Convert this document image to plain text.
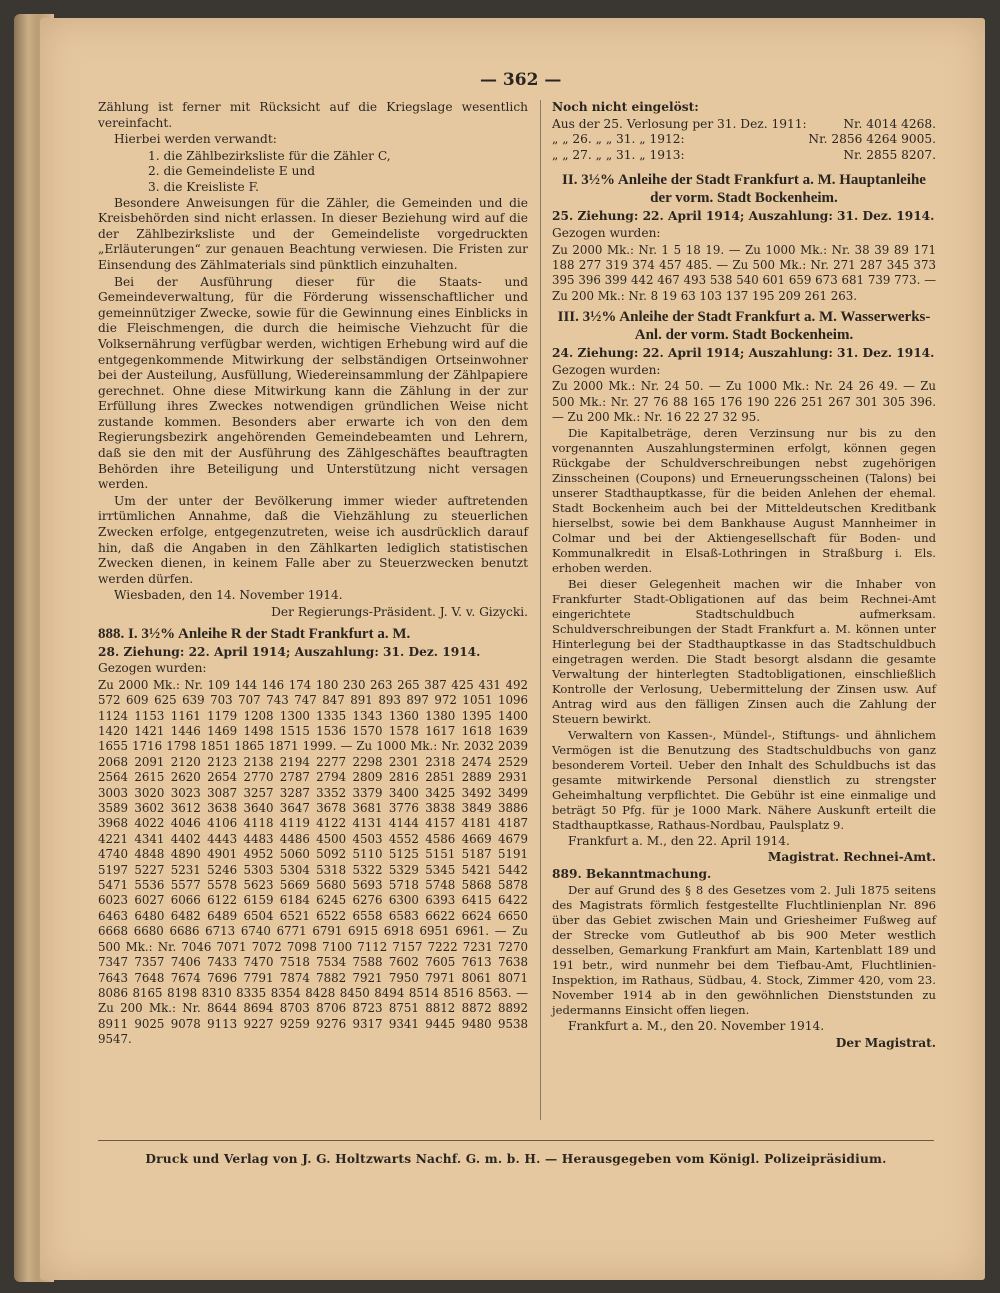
— 362 —

Zählung ist ferner mit Rücksicht auf die Kriegslage wesentlich vereinfacht.

Hierbei werden verwandt:

1. die Zählbezirksliste für die Zähler C,

2. die Gemeindeliste E und

3. die Kreisliste F.

Besondere Anweisungen für die Zähler, die Gemeinden und die Kreisbehörden sind nicht erlassen. In dieser Beziehung wird auf die der Zählbezirksliste und der Gemeindeliste vorgedruckten „Erläuterungen“ zur genauen Beachtung verwiesen. Die Fristen zur Einsendung des Zählmaterials sind pünktlich einzuhalten.

Bei der Ausführung dieser für die Staats- und Gemeindeverwaltung, für die Förderung wissenschaftlicher und gemeinnütziger Zwecke, sowie für die Gewinnung eines Einblicks in die Fleischmengen, die durch die heimische Viehzucht für die Volksernährung verfügbar werden, wichtigen Erhebung wird auf die entgegenkommende Mitwirkung der selbständigen Ortseinwohner bei der Austeilung, Ausfüllung, Wiedereinsammlung der Zählpapiere gerechnet. Ohne diese Mitwirkung kann die Zählung in der zur Erfüllung ihres Zweckes notwendigen gründlichen Weise nicht zustande kommen. Besonders aber erwarte ich von den dem Regierungsbezirk angehörenden Gemeindebeamten und Lehrern, daß sie den mit der Ausführung des Zählgeschäftes beauftragten Behörden ihre Beteiligung und Unterstützung nicht versagen werden.

Um der unter der Bevölkerung immer wieder auftretenden irrtümlichen Annahme, daß die Viehzählung zu steuerlichen Zwecken erfolge, entgegenzutreten, weise ich ausdrücklich darauf hin, daß die Angaben in den Zählkarten lediglich statistischen Zwecken dienen, in keinem Falle aber zu Steuerzwecken benutzt werden dürfen.

Wiesbaden, den 14. November 1914.

Der Regierungs-Präsident. J. V. v. Gizycki.

888. I. 3½% Anleihe R der Stadt Frankfurt a. M.

28. Ziehung: 22. April 1914; Auszahlung: 31. Dez. 1914.

Gezogen wurden:

Zu 2000 Mk.: Nr. 109 144 146 174 180 230 263 265 387 425 431 492 572 609 625 639 703 707 743 747 847 891 893 897 972 1051 1096 1124 1153 1161 1179 1208 1300 1335 1343 1360 1380 1395 1400 1420 1421 1446 1469 1498 1515 1536 1570 1578 1617 1618 1639 1655 1716 1798 1851 1865 1871 1999. — Zu 1000 Mk.: Nr. 2032 2039 2068 2091 2120 2123 2138 2194 2277 2298 2301 2318 2474 2529 2564 2615 2620 2654 2770 2787 2794 2809 2816 2851 2889 2931 3003 3020 3023 3087 3257 3287 3352 3379 3400 3425 3492 3499 3589 3602 3612 3638 3640 3647 3678 3681 3776 3838 3849 3886 3968 4022 4046 4106 4118 4119 4122 4131 4144 4157 4181 4187 4221 4341 4402 4443 4483 4486 4500 4503 4552 4586 4669 4679 4740 4848 4890 4901 4952 5060 5092 5110 5125 5151 5187 5191 5197 5227 5231 5246 5303 5304 5318 5322 5329 5345 5421 5442 5471 5536 5577 5578 5623 5669 5680 5693 5718 5748 5868 5878 6023 6027 6066 6122 6159 6184 6245 6276 6300 6393 6415 6422 6463 6480 6482 6489 6504 6521 6522 6558 6583 6622 6624 6650 6668 6680 6686 6713 6740 6771 6791 6915 6918 6951 6961. — Zu 500 Mk.: Nr. 7046 7071 7072 7098 7100 7112 7157 7222 7231 7270 7347 7357 7406 7433 7470 7518 7534 7588 7602 7605 7613 7638 7643 7648 7674 7696 7791 7874 7882 7921 7950 7971 8061 8071 8086 8165 8198 8310 8335 8354 8428 8450 8494 8514 8516 8563. — Zu 200 Mk.: Nr. 8644 8694 8703 8706 8723 8751 8812 8872 8892 8911 9025 9078 9113 9227 9259 9276 9317 9341 9445 9480 9538 9547.

Noch nicht eingelöst:

Aus der 25. Verlosung per 31. Dez. 1911:	Nr. 4014 4268.
„ „ 26. „ „ 31. „ 1912:	Nr. 2856 4264 9005.
„ „ 27. „ „ 31. „ 1913:	Nr. 2855 8207.

II. 3½% Anleihe der Stadt Frankfurt a. M. Hauptanleihe der vorm. Stadt Bockenheim.

25. Ziehung: 22. April 1914; Auszahlung: 31. Dez. 1914.

Gezogen wurden:

Zu 2000 Mk.: Nr. 1 5 18 19. — Zu 1000 Mk.: Nr. 38 39 89 171 188 277 319 374 457 485. — Zu 500 Mk.: Nr. 271 287 345 373 395 396 399 442 467 493 538 540 601 659 673 681 739 773. — Zu 200 Mk.: Nr. 8 19 63 103 137 195 209 261 263.

III. 3½% Anleihe der Stadt Frankfurt a. M. Wasserwerks-Anl. der vorm. Stadt Bockenheim.

24. Ziehung: 22. April 1914; Auszahlung: 31. Dez. 1914.

Gezogen wurden:

Zu 2000 Mk.: Nr. 24 50. — Zu 1000 Mk.: Nr. 24 26 49. — Zu 500 Mk.: Nr. 27 76 88 165 176 190 226 251 267 301 305 396. — Zu 200 Mk.: Nr. 16 22 27 32 95.

Die Kapitalbeträge, deren Verzinsung nur bis zu den vorgenannten Auszahlungsterminen erfolgt, können gegen Rückgabe der Schuldverschreibungen nebst zugehörigen Zinsscheinen (Coupons) und Erneuerungsscheinen (Talons) bei unserer Stadthauptkasse, für die beiden Anlehen der ehemal. Stadt Bockenheim auch bei der Mitteldeutschen Kreditbank hierselbst, sowie bei dem Bankhause August Mannheimer in Colmar und bei der Aktiengesellschaft für Boden- und Kommunalkredit in Elsaß-Lothringen in Straßburg i. Els. erhoben werden.

Bei dieser Gelegenheit machen wir die Inhaber von Frankfurter Stadt-Obligationen auf das beim Rechnei-Amt eingerichtete Stadtschuldbuch aufmerksam. Schuldverschreibungen der Stadt Frankfurt a. M. können unter Hinterlegung bei der Stadthauptkasse in das Stadtschuldbuch eingetragen werden. Die Stadt besorgt alsdann die gesamte Verwaltung der hinterlegten Stadtobligationen, einschließlich Kontrolle der Verlosung, Uebermittelung der Zinsen usw. Auf Antrag wird aus den fälligen Zinsen auch die Zahlung der Steuern bewirkt.

Verwaltern von Kassen-, Mündel-, Stiftungs- und ähnlichem Vermögen ist die Benutzung des Stadtschuldbuchs von ganz besonderem Vorteil. Ueber den Inhalt des Schuldbuchs ist das gesamte mitwirkende Personal dienstlich zu strengster Geheimhaltung verpflichtet. Die Gebühr ist eine einmalige und beträgt 50 Pfg. für je 1000 Mark. Nähere Auskunft erteilt die Stadthauptkasse, Rathaus-Nordbau, Paulsplatz 9.

Frankfurt a. M., den 22. April 1914.

Magistrat. Rechnei-Amt.

889. Bekanntmachung.

Der auf Grund des § 8 des Gesetzes vom 2. Juli 1875 seitens des Magistrats förmlich festgestellte Fluchtlinienplan Nr. 896 über das Gebiet zwischen Main und Griesheimer Fußweg auf der Strecke vom Gutleuthof ab bis 900 Meter westlich desselben, Gemarkung Frankfurt am Main, Kartenblatt 189 und 191 betr., wird nunmehr bei dem Tiefbau-Amt, Fluchtlinien-Inspektion, im Rathaus, Südbau, 4. Stock, Zimmer 420, vom 23. November 1914 ab in den gewöhnlichen Dienststunden zu jedermanns Einsicht offen liegen.

Frankfurt a. M., den 20. November 1914.

Der Magistrat.

Druck und Verlag von J. G. Holtzwarts Nachf. G. m. b. H. — Herausgegeben vom Königl. Polizeipräsidium.
